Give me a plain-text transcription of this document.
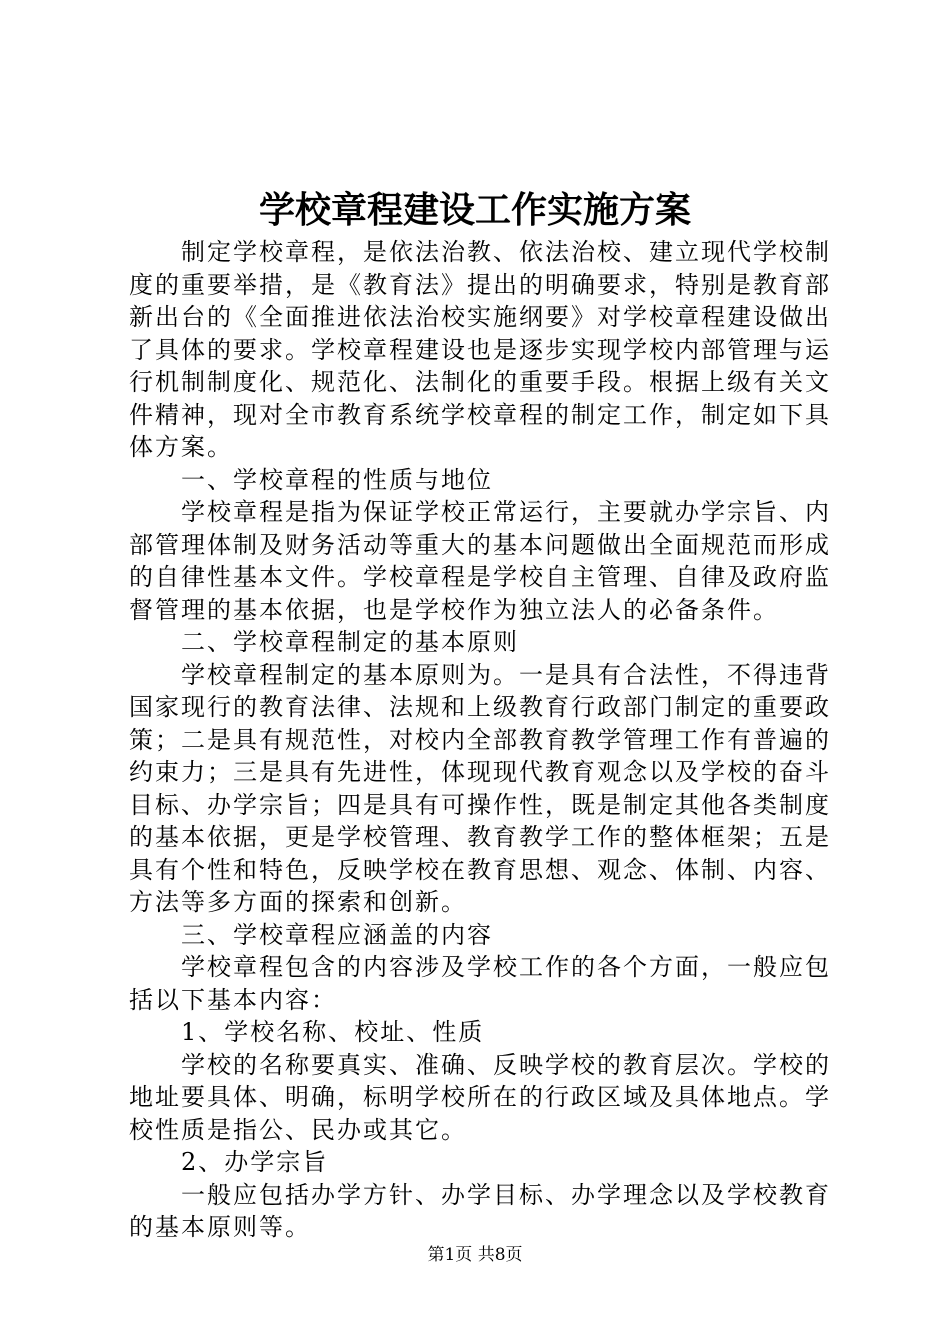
学校章程建设工作实施方案

制定学校章程，是依法治教、依法治校、建立现代学校制度的重要举措，是《教育法》提出的明确要求，特别是教育部新出台的《全面推进依法治校实施纲要》对学校章程建设做出了具体的要求。学校章程建设也是逐步实现学校内部管理与运行机制制度化、规范化、法制化的重要手段。根据上级有关文件精神，现对全市教育系统学校章程的制定工作，制定如下具体方案。

一、学校章程的性质与地位

学校章程是指为保证学校正常运行，主要就办学宗旨、内部管理体制及财务活动等重大的基本问题做出全面规范而形成的自律性基本文件。学校章程是学校自主管理、自律及政府监督管理的基本依据，也是学校作为独立法人的必备条件。

二、学校章程制定的基本原则

学校章程制定的基本原则为。一是具有合法性，不得违背国家现行的教育法律、法规和上级教育行政部门制定的重要政策；二是具有规范性，对校内全部教育教学管理工作有普遍的约束力；三是具有先进性，体现现代教育观念以及学校的奋斗目标、办学宗旨；四是具有可操作性，既是制定其他各类制度的基本依据，更是学校管理、教育教学工作的整体框架；五是具有个性和特色，反映学校在教育思想、观念、体制、内容、方法等多方面的探索和创新。

三、学校章程应涵盖的内容

学校章程包含的内容涉及学校工作的各个方面，一般应包括以下基本内容：

1、学校名称、校址、性质

学校的名称要真实、准确、反映学校的教育层次。学校的地址要具体、明确，标明学校所在的行政区域及具体地点。学校性质是指公、民办或其它。

2、办学宗旨

一般应包括办学方针、办学目标、办学理念以及学校教育的基本原则等。

第1页 共8页
